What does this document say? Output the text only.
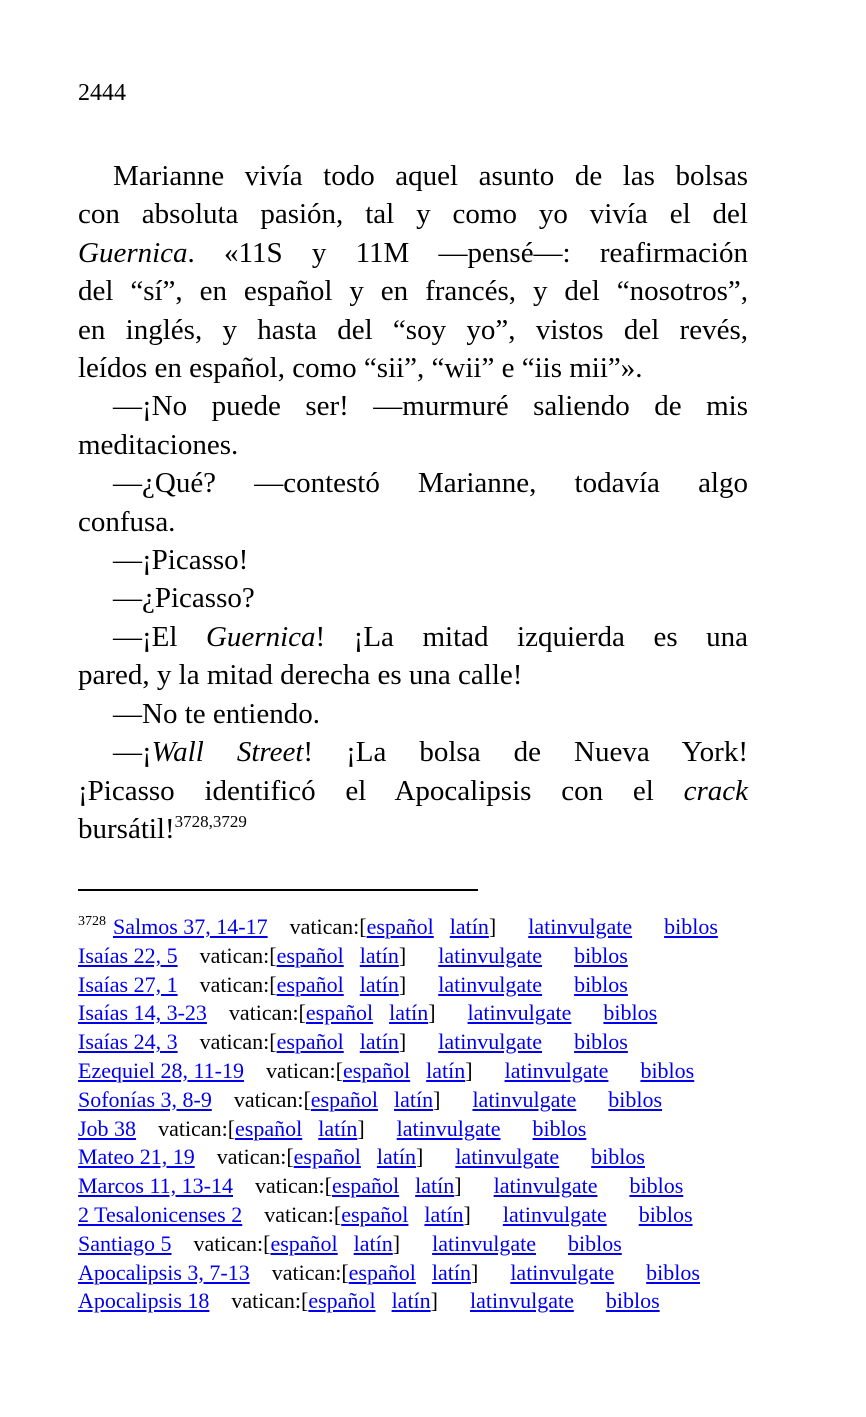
2444
Marianne vivía todo aquel asunto de las bolsas
con absoluta pasión, tal y como yo vivía el del
Guernica. «11S y 11M —pensé—: reafirmación
del “sí”, en español y en francés, y del “nosotros”,
en inglés, y hasta del “soy yo”, vistos del revés,
leídos en español, como “sii”, “wii” e “iis mii”».
—¡No puede ser! —murmuré saliendo de mis
meditaciones.
—¿Qué? —contestó Marianne, todavía algo
confusa.
—¡Picasso!
—¿Picasso?
—¡El Guernica! ¡La mitad izquierda es una
pared, y la mitad derecha es una calle!
—No te entiendo.
—¡Wall Street! ¡La bolsa de Nueva York!
¡Picasso identificó el Apocalipsis con el crack
bursátil!$^{3728,3729}$
$^{3728}$ Salmos 37, 14-17 vatican:[español latín] latinvulgate biblos
Isaías 22, 5 vatican:[español latín] latinvulgate biblos
Isaías 27, 1 vatican:[español latín] latinvulgate biblos
Isaías 14, 3-23 vatican:[español latín] latinvulgate biblos
Isaías 24, 3 vatican:[español latín] latinvulgate biblos
Ezequiel 28, 11-19 vatican:[español latín] latinvulgate biblos
Sofonías 3, 8-9 vatican:[español latín] latinvulgate biblos
Job 38 vatican:[español latín] latinvulgate biblos
Mateo 21, 19 vatican:[español latín] latinvulgate biblos
Marcos 11, 13-14 vatican:[español latín] latinvulgate biblos
2 Tesalonicenses 2 vatican:[español latín] latinvulgate biblos
Santiago 5 vatican:[español latín] latinvulgate biblos
Apocalipsis 3, 7-13 vatican:[español latín] latinvulgate biblos
Apocalipsis 18 vatican:[español latín] latinvulgate biblos
